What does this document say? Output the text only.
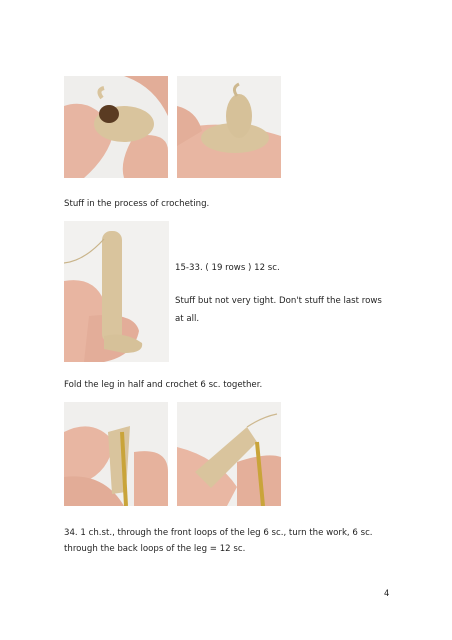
Stuff in the process of crocheting.
15-33. ( 19 rows ) 12 sc.
Stuff but not very tight. Don't stuff the last rows
at all.
Fold the leg in half and crochet 6 sc. together.
34. 1 ch.st., through the front loops of the leg 6 sc., turn the work, 6 sc.
through the back loops of the leg = 12 sc.
4
